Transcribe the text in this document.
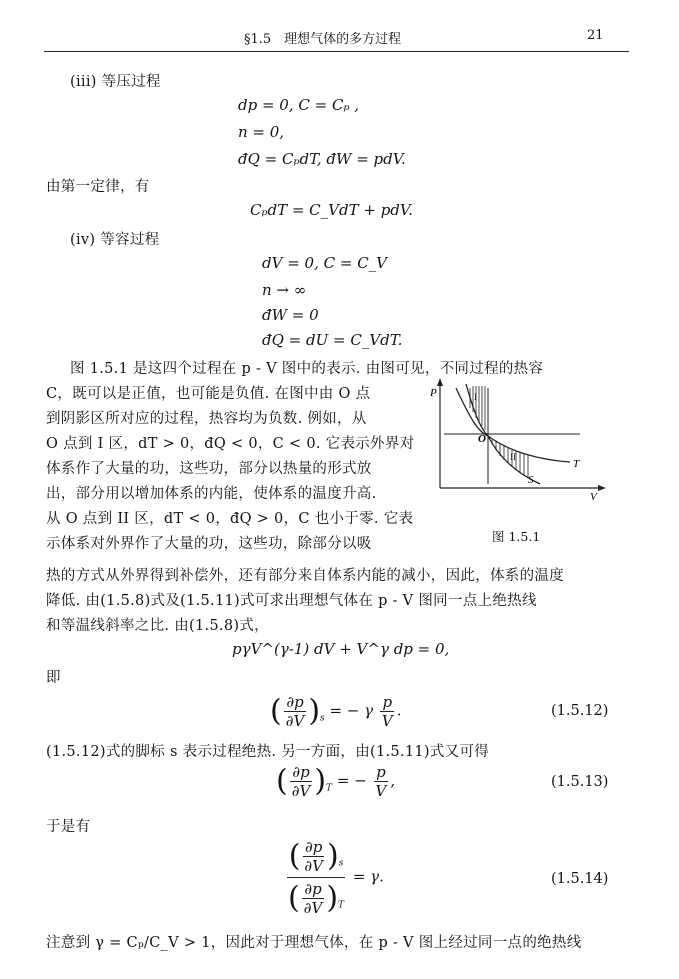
§1.5　理想气体的多方过程	21
(iii) 等压过程
dp = 0, C = Cₚ ,
n = 0,
đQ = CₚdT, đW = pdV.
由第一定律，有
CₚdT = C_VdT + pdV.
(iv) 等容过程
dV = 0, C = C_V
n → ∞
đW = 0
đQ = dU = C_VdT.
图 1.5.1 是这四个过程在 p - V 图中的表示. 由图可见，不同过程的热容
C，既可以是正值，也可能是负值. 在图中由 O 点
到阴影区所对应的过程，热容均为负数. 例如，从
O 点到 I 区，dT > 0，đQ < 0，C < 0. 它表示外界对
体系作了大量的功，这些功，部分以热量的形式放
出，部分用以增加体系的内能，使体系的温度升高.
从 O 点到 II 区，dT < 0，đQ > 0，C 也小于零. 它表
示体系对外界作了大量的功，这些功，除部分以吸
热的方式从外界得到补偿外，还有部分来自体系内能的减小，因此，体系的温度
降低. 由(1.5.8)式及(1.5.11)式可求出理想气体在 p - V 图同一点上绝热线
和等温线斜率之比. 由(1.5.8)式，
P
V
O
T
S
I
II
图 1.5.1
pγV^(γ-1) dV + V^γ dp = 0,
即
( $\frac{\partial p}{\partial V} )_s$ = − γ $\frac{p}{V}$ .	(1.5.12)
(1.5.12)式的脚标 s 表示过程绝热. 另一方面，由(1.5.11)式又可得
( $\frac{\partial p}{\partial V} )_T$ = − $\frac{p}{V}$ ,	(1.5.13)
于是有
$\frac{( \frac{\partial p}{\partial V} )_s}{( \frac{\partial p}{\partial V} )_T} = \gamma$.	(1.5.14)
注意到 γ = Cₚ/C_V > 1，因此对于理想气体，在 p - V 图上经过同一点的绝热线
